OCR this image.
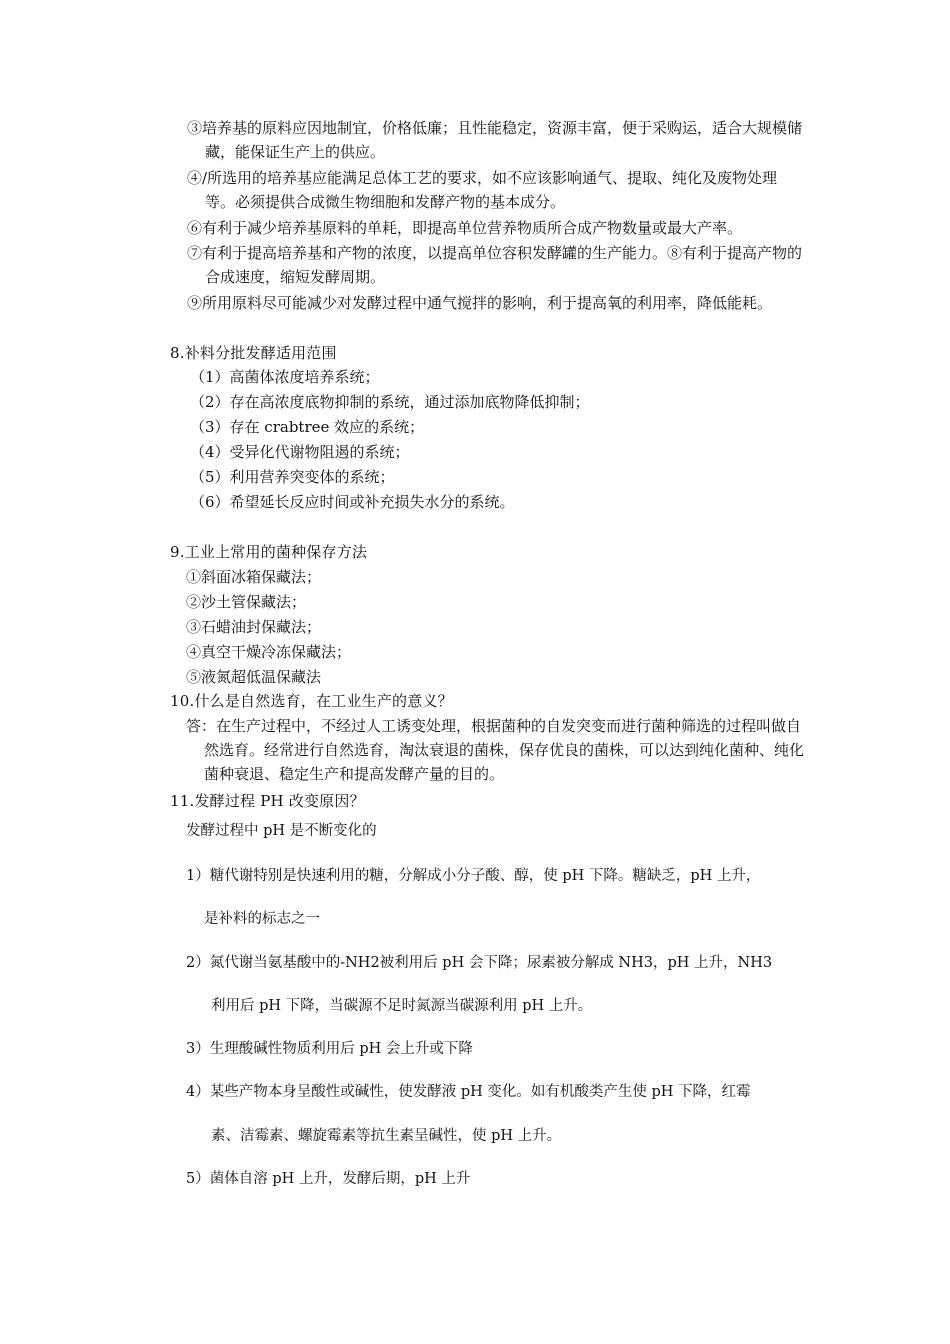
③培养基的原料应因地制宜，价格低廉；且性能稳定，资源丰富，便于采购运，适合大规模储藏，能保证生产上的供应。
④/所选用的培养基应能满足总体工艺的要求，如不应该影响通气、提取、纯化及废物处理等。必须提供合成微生物细胞和发酵产物的基本成分。
⑥有利于减少培养基原料的单耗，即提高单位营养物质所合成产物数量或最大产率。
⑦有利于提高培养基和产物的浓度，以提高单位容积发酵罐的生产能力。⑧有利于提高产物的合成速度，缩短发酵周期。
⑨所用原料尽可能减少对发酵过程中通气搅拌的影响，利于提高氧的利用率，降低能耗。
8.补料分批发酵适用范围
（1）高菌体浓度培养系统；
（2）存在高浓度底物抑制的系统，通过添加底物降低抑制；
（3）存在 crabtree 效应的系统；
（4）受异化代谢物阻遏的系统；
（5）利用营养突变体的系统；
（6）希望延长反应时间或补充损失水分的系统。
9.工业上常用的菌种保存方法
①斜面冰箱保藏法；
②沙土管保藏法；
③石蜡油封保藏法；
④真空干燥冷冻保藏法；
⑤液氮超低温保藏法
10.什么是自然选育，在工业生产的意义？
答：在生产过程中，不经过人工诱变处理，根据菌种的自发突变而进行菌种筛选的过程叫做自然选育。经常进行自然选育，淘汰衰退的菌株，保存优良的菌株，可以达到纯化菌种、纯化菌种衰退、稳定生产和提高发酵产量的目的。
11.发酵过程 PH 改变原因？
发酵过程中 pH 是不断变化的
1）糖代谢特别是快速利用的糖，分解成小分子酸、醇，使 pH 下降。糖缺乏，pH 上升，
是补料的标志之一
2）氮代谢当氨基酸中的-NH2被利用后 pH 会下降；尿素被分解成 NH3，pH 上升，NH3
利用后 pH 下降，当碳源不足时氮源当碳源利用 pH 上升。
3）生理酸碱性物质利用后 pH 会上升或下降
4）某些产物本身呈酸性或碱性，使发酵液 pH 变化。如有机酸类产生使 pH 下降，红霉
素、洁霉素、螺旋霉素等抗生素呈碱性，使 pH 上升。
5）菌体自溶 pH 上升，发酵后期，pH 上升
